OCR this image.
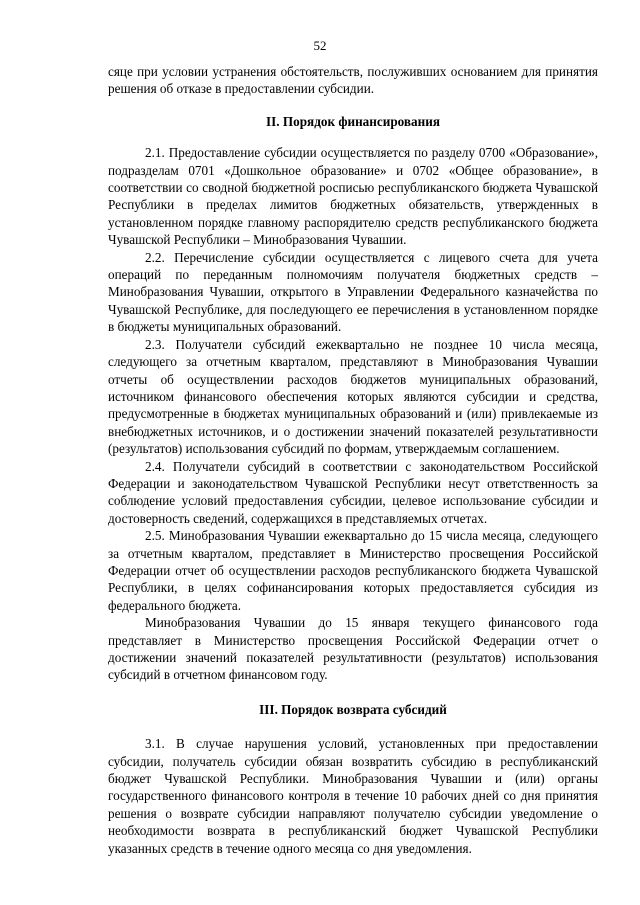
52

сяце при условии устранения обстоятельств, послуживших основанием для принятия решения об отказе в предоставлении субсидии.

II. Порядок финансирования

2.1. Предоставление субсидии осуществляется по разделу 0700 «Образование», подразделам 0701 «Дошкольное образование» и 0702 «Общее образование», в соответствии со сводной бюджетной росписью республиканского бюджета Чувашской Республики в пределах лимитов бюджетных обязательств, утвержденных в установленном порядке главному распорядителю средств республиканского бюджета Чувашской Республики – Минобразования Чувашии.

2.2. Перечисление субсидии осуществляется с лицевого счета для учета операций по переданным полномочиям получателя бюджетных средств – Минобразования Чувашии, открытого в Управлении Федерального казначейства по Чувашской Республике, для последующего ее перечисления в установленном порядке в бюджеты муниципальных образований.

2.3. Получатели субсидий ежеквартально не позднее 10 числа месяца, следующего за отчетным кварталом, представляют в Минобразования Чувашии отчеты об осуществлении расходов бюджетов муниципальных образований, источником финансового обеспечения которых являются субсидии и средства, предусмотренные в бюджетах муниципальных образований и (или) привлекаемые из внебюджетных источников, и о достижении значений показателей результативности (результатов) использования субсидий по формам, утверждаемым соглашением.

2.4. Получатели субсидий в соответствии с законодательством Российской Федерации и законодательством Чувашской Республики несут ответственность за соблюдение условий предоставления субсидии, целевое использование субсидии и достоверность сведений, содержащихся в представляемых отчетах.

2.5. Минобразования Чувашии ежеквартально до 15 числа месяца, следующего за отчетным кварталом, представляет в Министерство просвещения Российской Федерации отчет об осуществлении расходов республиканского бюджета Чувашской Республики, в целях софинансирования которых предоставляется субсидия из федерального бюджета.

Минобразования Чувашии до 15 января текущего финансового года представляет в Министерство просвещения Российской Федерации отчет о достижении значений показателей результативности (результатов) использования субсидий в отчетном финансовом году.

III. Порядок возврата субсидий

3.1. В случае нарушения условий, установленных при предоставлении субсидии, получатель субсидии обязан возвратить субсидию в республиканский бюджет Чувашской Республики. Минобразования Чувашии и (или) органы государственного финансового контроля в течение 10 рабочих дней со дня принятия решения о возврате субсидии направляют получателю субсидии уведомление о необходимости возврата в республиканский бюджет Чувашской Республики указанных средств в течение одного месяца со дня уведомления.
